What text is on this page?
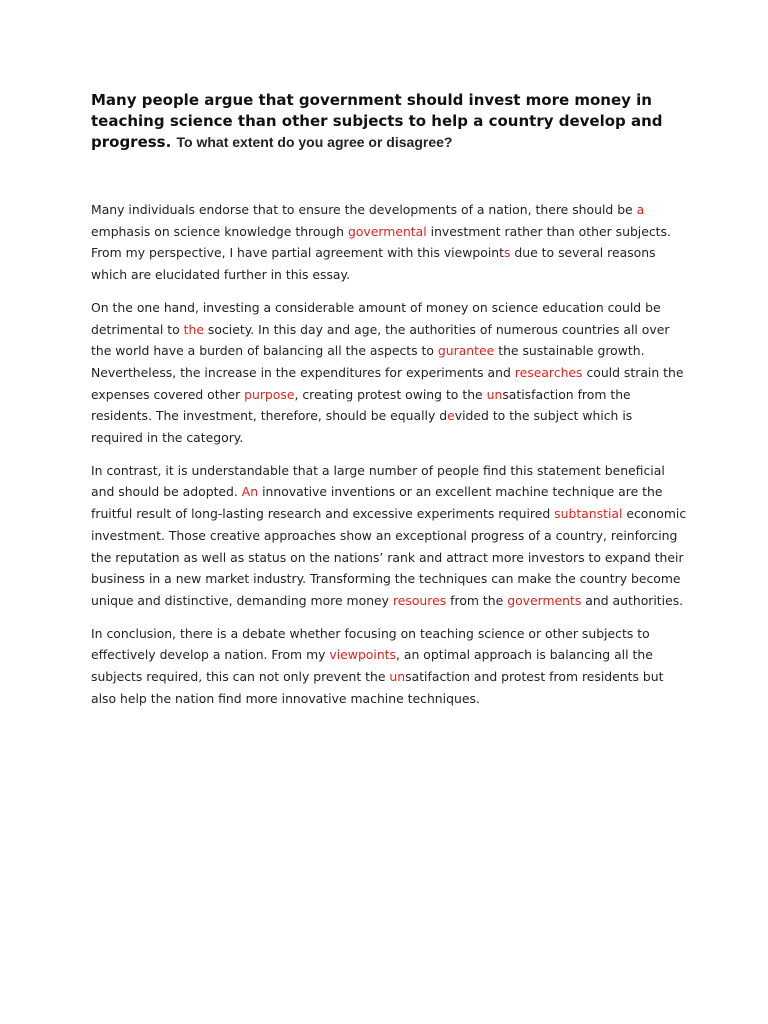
Many people argue that government should invest more money in teaching science than other subjects to help a country develop and progress. To what extent do you agree or disagree?

Many individuals endorse that to ensure the developments of a nation, there should be a emphasis on science knowledge through govermental investment rather than other subjects. From my perspective, I have partial agreement with this viewpoints due to several reasons which are elucidated further in this essay.

On the one hand, investing a considerable amount of money on science education could be detrimental to the society. In this day and age, the authorities of numerous countries all over the world have a burden of balancing all the aspects to gurantee the sustainable growth. Nevertheless, the increase in the expenditures for experiments and researches could strain the expenses covered other purpose, creating protest owing to the unsatisfaction from the residents. The investment, therefore, should be equally devided to the subject which is required in the category.

In contrast, it is understandable that a large number of people find this statement beneficial and should be adopted. An innovative inventions or an excellent machine technique are the fruitful result of long-lasting research and excessive experiments required subtanstial economic investment. Those creative approaches show an exceptional progress of a country, reinforcing the reputation as well as status on the nations’ rank and attract more investors to expand their business in a new market industry. Transforming the techniques can make the country become unique and distinctive, demanding more money resoures from the goverments and authorities.

In conclusion, there is a debate whether focusing on teaching science or other subjects to effectively develop a nation. From my viewpoints, an optimal approach is balancing all the subjects required, this can not only prevent the unsatifaction and protest from residents but also help the nation find more innovative machine techniques.
